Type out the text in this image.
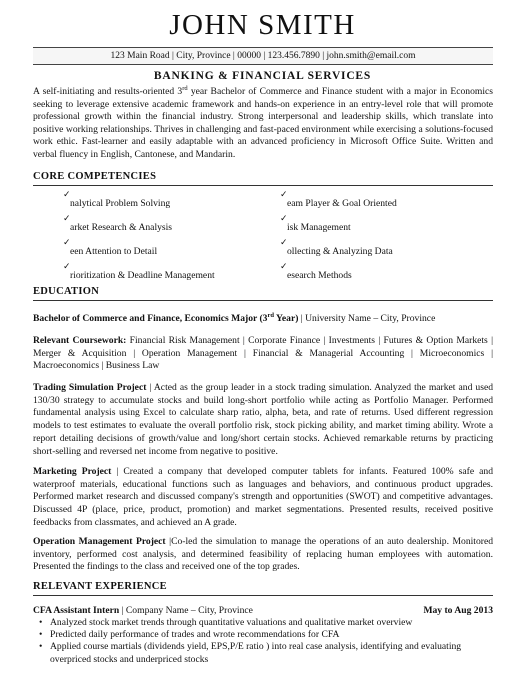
JOHN SMITH
123 Main Road | City, Province | 00000 | 123.456.7890 | john.smith@email.com
BANKING & FINANCIAL SERVICES

A self-initiating and results-oriented 3rd year Bachelor of Commerce and Finance student with a major in Economics seeking to leverage extensive academic framework and hands-on experience in an entry-level role that will promote professional growth within the financial industry. Strong interpersonal and leadership skills, which translate into positive working relationships. Thrives in challenging and fast-paced environment while exercising a solutions-focused work ethic. Fast-learner and easily adaptable with an advanced proficiency in Microsoft Office Suite. Written and verbal fluency in English, Cantonese, and Mandarin.

CORE COMPETENCIES
✓
nalytical Problem Solving
✓
arket Research & Analysis
✓
een Attention to Detail
✓
rioritization & Deadline Management
✓
eam Player & Goal Oriented
✓
isk Management
✓
ollecting & Analyzing Data
✓
esearch Methods
EDUCATION

Bachelor of Commerce and Finance, Economics Major (3rd Year) | University Name – City, Province

Relevant Coursework: Financial Risk Management | Corporate Finance | Investments | Futures & Option Markets | Merger & Acquisition | Operation Management | Financial & Managerial Accounting | Microeconomics | Macroeconomics | Business Law

Trading Simulation Project | Acted as the group leader in a stock trading simulation. Analyzed the market and used 130/30 strategy to accumulate stocks and build long-short portfolio while acting as Portfolio Manager. Performed fundamental analysis using Excel to calculate sharp ratio, alpha, beta, and rate of returns. Used different regression models to test estimates to evaluate the overall portfolio risk, stock picking ability, and market timing ability. Wrote a report detailing decisions of growth/value and long/short certain stocks. Achieved remarkable returns by practicing short-selling and reversed net income from negative to positive.

Marketing Project | Created a company that developed computer tablets for infants. Featured 100% safe and waterproof materials, educational functions such as languages and behaviors, and continuous product upgrades. Performed market research and discussed company's strength and opportunities (SWOT) and competitive advantages. Discussed 4P (place, price, product, promotion) and market segmentations. Presented results, received positive feedbacks from classmates, and achieved an A grade.

Operation Management Project |Co-led the simulation to manage the operations of an auto dealership. Monitored inventory, performed cost analysis, and determined feasibility of replacing human employees with automation. Presented the findings to the class and received one of the top grades.

RELEVANT EXPERIENCE
CFA Assistant Intern | Company Name – City, Province	May to Aug 2013
• Analyzed stock market trends through quantitative valuations and qualitative market overview
• Predicted daily performance of trades and wrote recommendations for CFA
• Applied course martials (dividends yield, EPS,P/E ratio ) into real case analysis, identifying and evaluating overpriced stocks and underpriced stocks
